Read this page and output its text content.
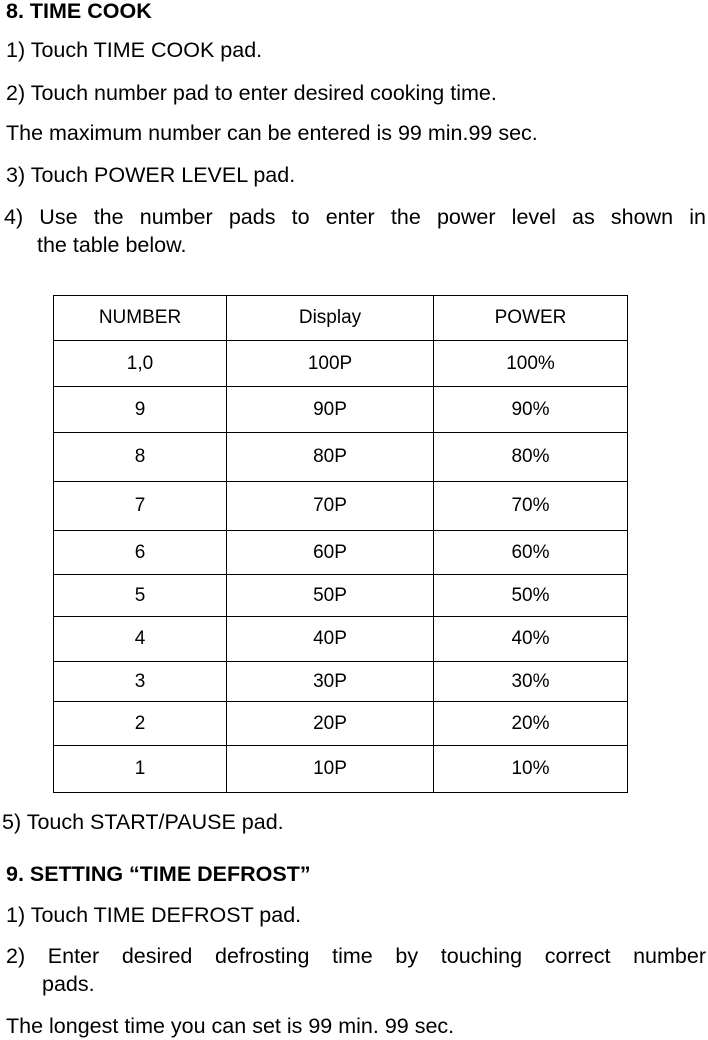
8. TIME COOK
1) Touch TIME COOK pad.
2) Touch number pad to enter desired cooking time.
The maximum number can be entered is 99 min.99 sec.
3) Touch POWER LEVEL pad.
4) Use the number pads to enter the power level as shown in
the table below.
NUMBER	Display	POWER
1,0	100P	100%
9	90P	90%
8	80P	80%
7	70P	70%
6	60P	60%
5	50P	50%
4	40P	40%
3	30P	30%
2	20P	20%
1	10P	10%
5) Touch START/PAUSE pad.
9. SETTING “TIME DEFROST”
1) Touch TIME DEFROST pad.
2) Enter desired defrosting time by touching correct number
pads.
The longest time you can set is 99 min. 99 sec.
